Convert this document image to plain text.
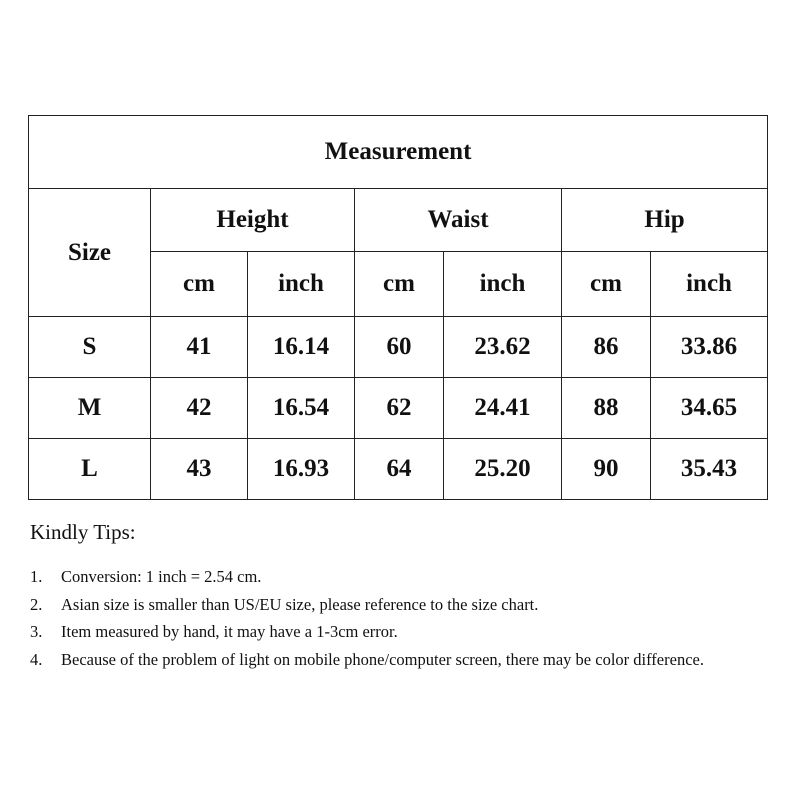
Measurement						
Size	Height		Waist		Hip	
	cm	inch	cm	inch	cm	inch
S	41	16.14	60	23.62	86	33.86
M	42	16.54	62	24.41	88	34.65
L	43	16.93	64	25.20	90	35.43
Kindly Tips:
1. Conversion: 1 inch = 2.54 cm.
2. Asian size is smaller than US/EU size, please reference to the size chart.
3. Item measured by hand, it may have a 1-3cm error.
4. Because of the problem of light on mobile phone/computer screen, there may be color difference.
